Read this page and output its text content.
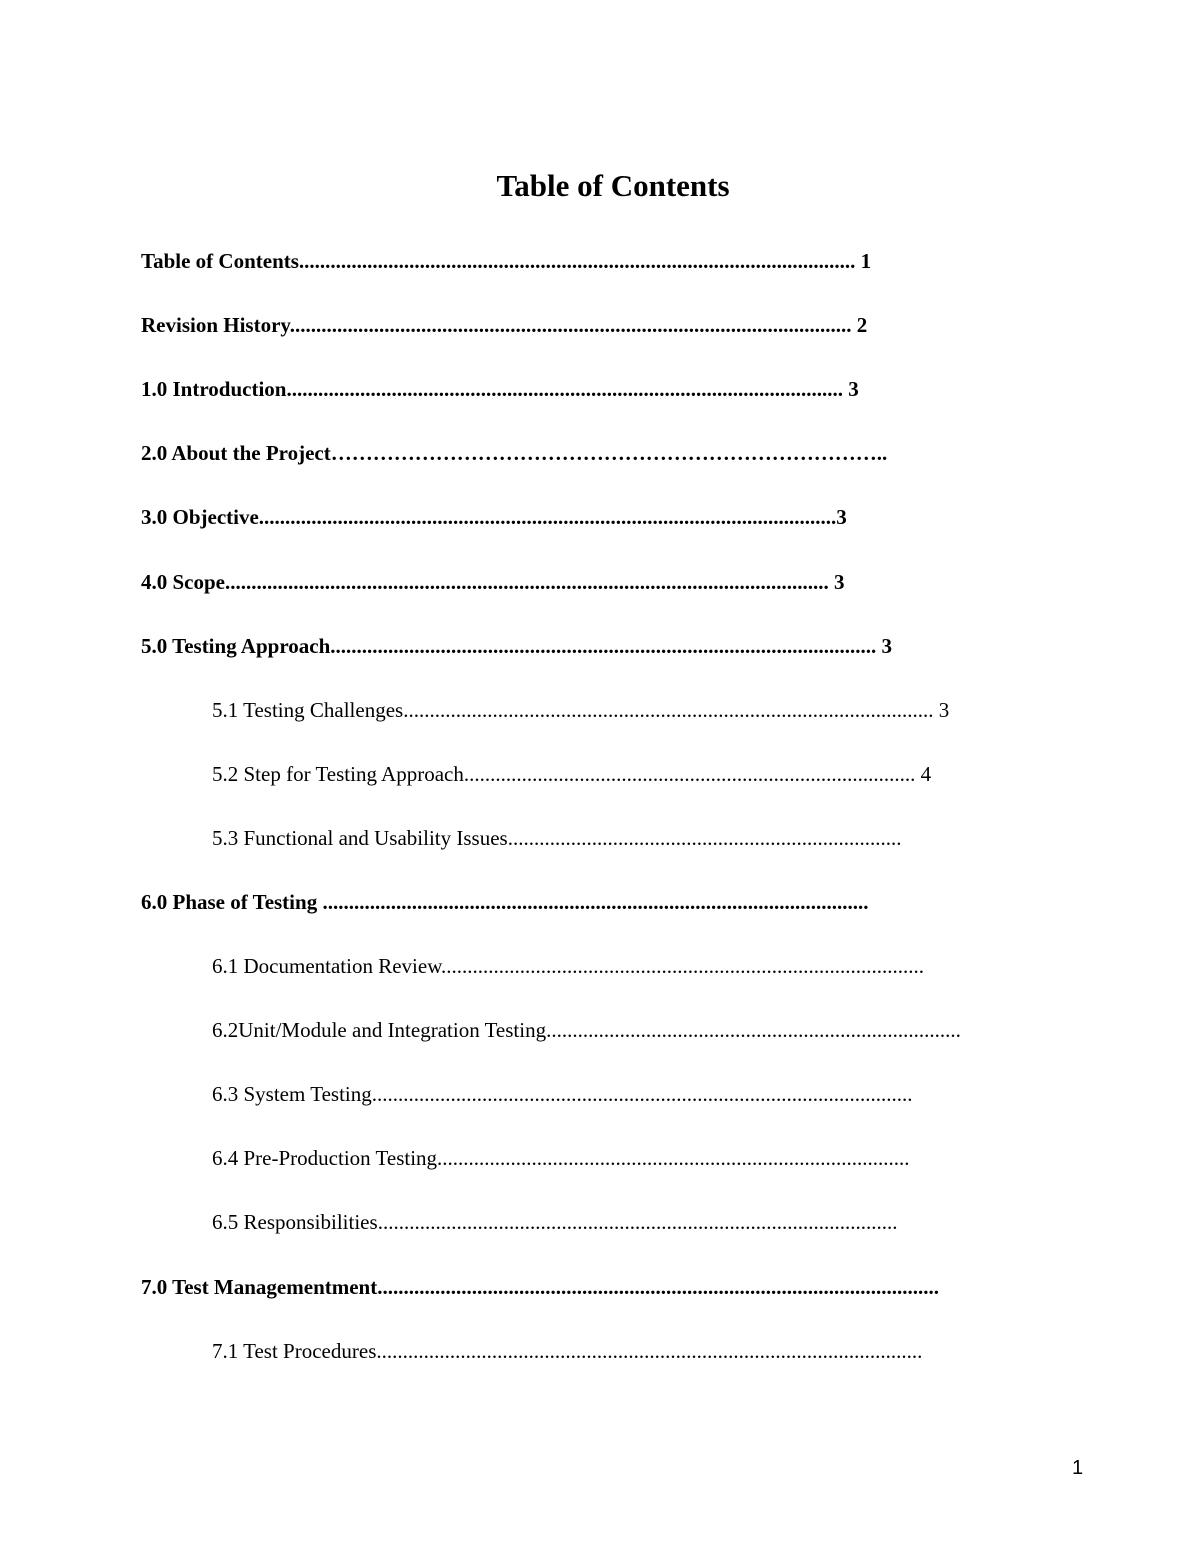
Table of Contents
Table of Contents.......................................................................................................... 1
Revision History........................................................................................................... 2
1.0 Introduction.......................................................................................................... 3
2.0 About the Project……………………………………………………………………..
3.0 Objective..............................................................................................................3
4.0 Scope................................................................................................................... 3
5.0 Testing Approach........................................................................................................ 3
5.1 Testing Challenges..................................................................................................... 3
5.2 Step for Testing Approach...................................................................................... 4
5.3 Functional and Usability Issues...........................................................................
6.0 Phase of Testing ........................................................................................................
6.1 Documentation Review............................................................................................
6.2Unit/Module and Integration Testing...............................................................................
6.3 System Testing.......................................................................................................
6.4 Pre-Production Testing..........................................................................................
6.5 Responsibilities...................................................................................................
7.0 Test Managementment...........................................................................................................
7.1 Test Procedures........................................................................................................
1
